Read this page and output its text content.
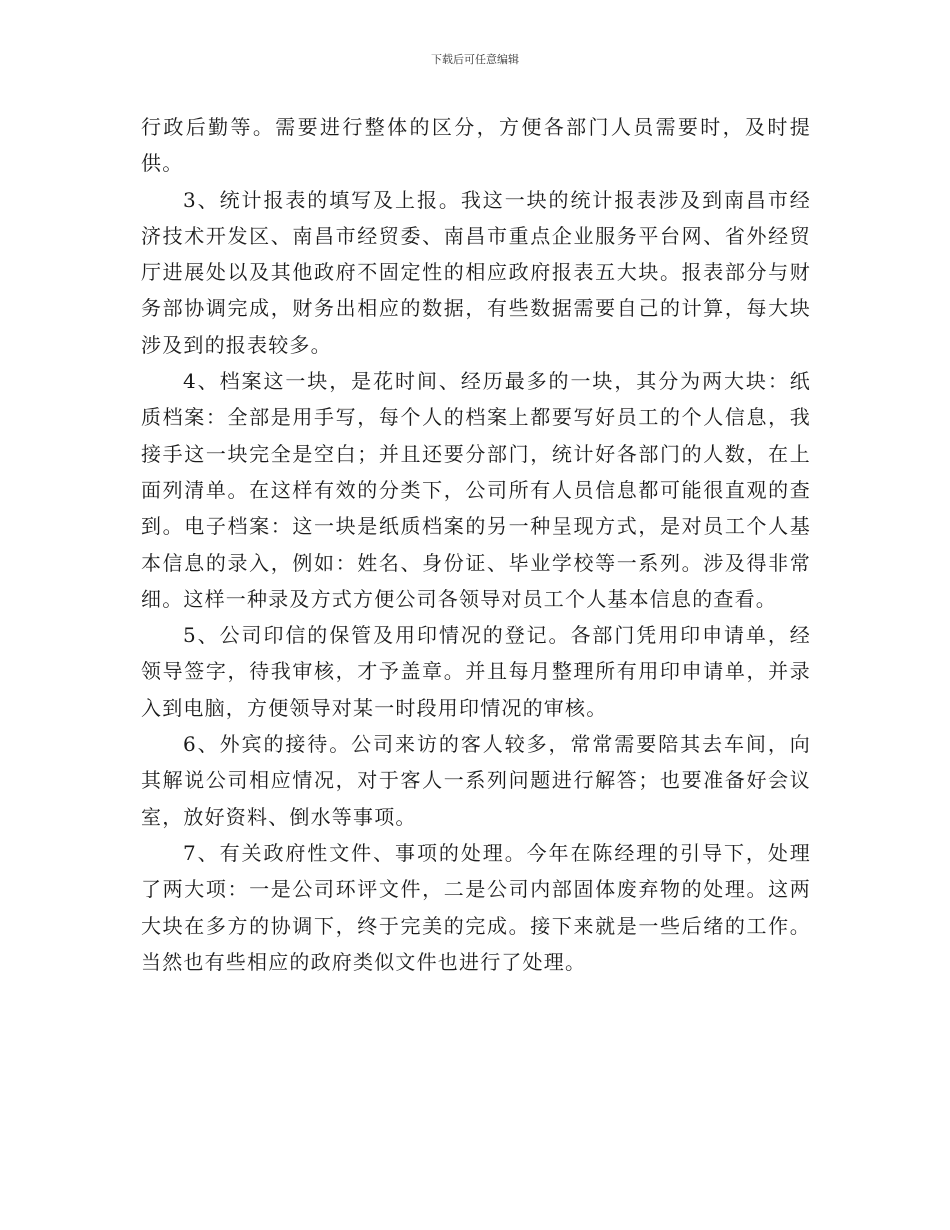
下载后可任意编辑

行政后勤等。需要进行整体的区分，方便各部门人员需要时，及时提供。

3、统计报表的填写及上报。我这一块的统计报表涉及到南昌市经济技术开发区、南昌市经贸委、南昌市重点企业服务平台网、省外经贸厅进展处以及其他政府不固定性的相应政府报表五大块。报表部分与财务部协调完成，财务出相应的数据，有些数据需要自己的计算，每大块涉及到的报表较多。

4、档案这一块，是花时间、经历最多的一块，其分为两大块：纸质档案：全部是用手写，每个人的档案上都要写好员工的个人信息，我接手这一块完全是空白；并且还要分部门，统计好各部门的人数，在上面列清单。在这样有效的分类下，公司所有人员信息都可能很直观的查到。电子档案：这一块是纸质档案的另一种呈现方式，是对员工个人基本信息的录入，例如：姓名、身份证、毕业学校等一系列。涉及得非常细。这样一种录及方式方便公司各领导对员工个人基本信息的查看。

5、公司印信的保管及用印情况的登记。各部门凭用印申请单，经领导签字，待我审核，才予盖章。并且每月整理所有用印申请单，并录入到电脑，方便领导对某一时段用印情况的审核。

6、外宾的接待。公司来访的客人较多，常常需要陪其去车间，向其解说公司相应情况，对于客人一系列问题进行解答；也要准备好会议室，放好资料、倒水等事项。

7、有关政府性文件、事项的处理。今年在陈经理的引导下，处理了两大项：一是公司环评文件，二是公司内部固体废弃物的处理。这两大块在多方的协调下，终于完美的完成。接下来就是一些后绪的工作。当然也有些相应的政府类似文件也进行了处理。
